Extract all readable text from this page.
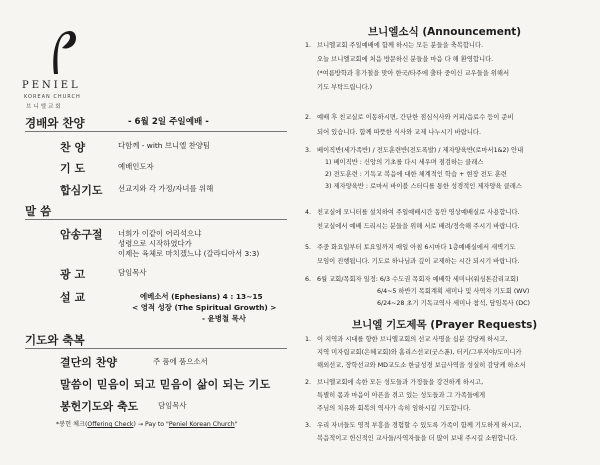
PENIEL
KOREAN CHURCH
브니엘교회
경배와 찬양	- 6월 2일 주일예배 -
찬 양	다함께 - with 브니엘 찬양팀
기 도	예배인도자
합심기도 선교지와 각 가정/자녀를 위해
말 씀
암송구절 너희가 이같이 어리석으냐
성령으로 시작하였다가
이제는 육체로 마치겠느냐 (갈라디아서 3:3)
광 고	담임목사
설 교	에베소서 (Ephesians) 4 : 13~15
< 영적 성장 (The Spiritual Growth) >
- 윤병철 목사
기도와 축복
결단의 찬양	주 품에 품으소서
말씀이 믿음이 되고 믿음이 삶이 되는 기도
봉헌기도와 축도	담임목사
*봉헌 체크(Offering Check) → Pay to "Peniel Korean Church"
브니엘소식 (Announcement)
1. 브니엘교회 주일예배에 함께 하시는 모든 분들을 축복합니다.
오늘 브니엘교회에 처음 방문하신 분들을 마음 다 해 환영합니다.
(*여름방학과 휴가철을 맞아 한국/타주에 출타 중이신 교우들을 위해서
기도 부탁드립니다.)
2. 예배 후 친교실로 이동하시면, 간단한 점심식사와 커피/음료수 등이 준비
되어 있습니다. 함께 따뜻한 식사와 교제 나누시기 바랍니다.
3. 베이직반(세가족반) / 전도훈련반(전도폭발) / 제자양육반(로마서1&2) 안내
1) 베이직반 : 신앙의 기초를 다시 세우며 점검하는 클래스
2) 전도훈련 : 기독교 복음에 대한 체계적인 학습 + 현장 전도 훈련
3) 제자양육반 : 로마서 바이블 스터디를 통한 성경적인 제자양육 클래스
4. 친교실에 모니터를 설치하여 주일예배시간 동안 영상예배실로 사용합니다.
친교실에서 예배 드리시는 분들을 위해 서로 배려/정숙해 주시기 바랍니다.
5. 주중 화요일부터 토요일까지 매일 아침 6시마다 1층예배실에서 새벽기도
모임이 진행됩니다. 기도로 하나님과 깊이 교제하는 시간 되시기 바랍니다.
6. 6월 교회/목회자 일정: 6/3 수도권 목회자 예배학 세미나(워싱톤감리교회)
6/4~5 하반기 목회계획 세미나 및 사역자 기도회 (WV)
6/24~28 초기 기독교역사 세미나 참석, 담임목사 (DC)
브니엘 기도제목 (Prayer Requests)
1. 이 지역과 시대를 향한 브니엘교회의 선교 사명을 십분 감당케 하시고,
지역 미자립교회(은혜교회)와 홈리스선교(굿스푼), 터키/그루지야/도미니카
해외선교, 장학선교와 MD교도소 한글성경 보급사역을 성실히 감당케 하소서
2. 브니엘교회에 속한 모든 성도들과 가정들을 강건하게 하시고,
특별히 몸과 마음이 아픈을 겪고 있는 성도들과 그 가족들에게
주님의 치유와 회복의 역사가 속히 임하시길 기도합니다.
3. 우리 자녀들도 영적 부흥을 경험할 수 있도록 가족이 함께 기도하게 하시고,
복음적이고 헌신적인 교사들/사역자들을 더 많이 보내 주시길 소원합니다.
